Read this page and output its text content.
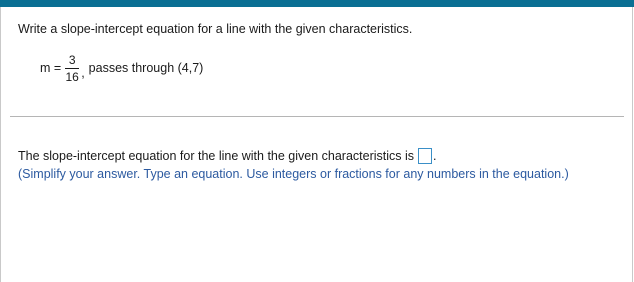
Write a slope-intercept equation for a line with the given characteristics.
$m = \frac{3}{16}$ , passes through (4,7)
The slope-intercept equation for the line with the given characteristics is .
(Simplify your answer. Type an equation. Use integers or fractions for any numbers in the equation.)
